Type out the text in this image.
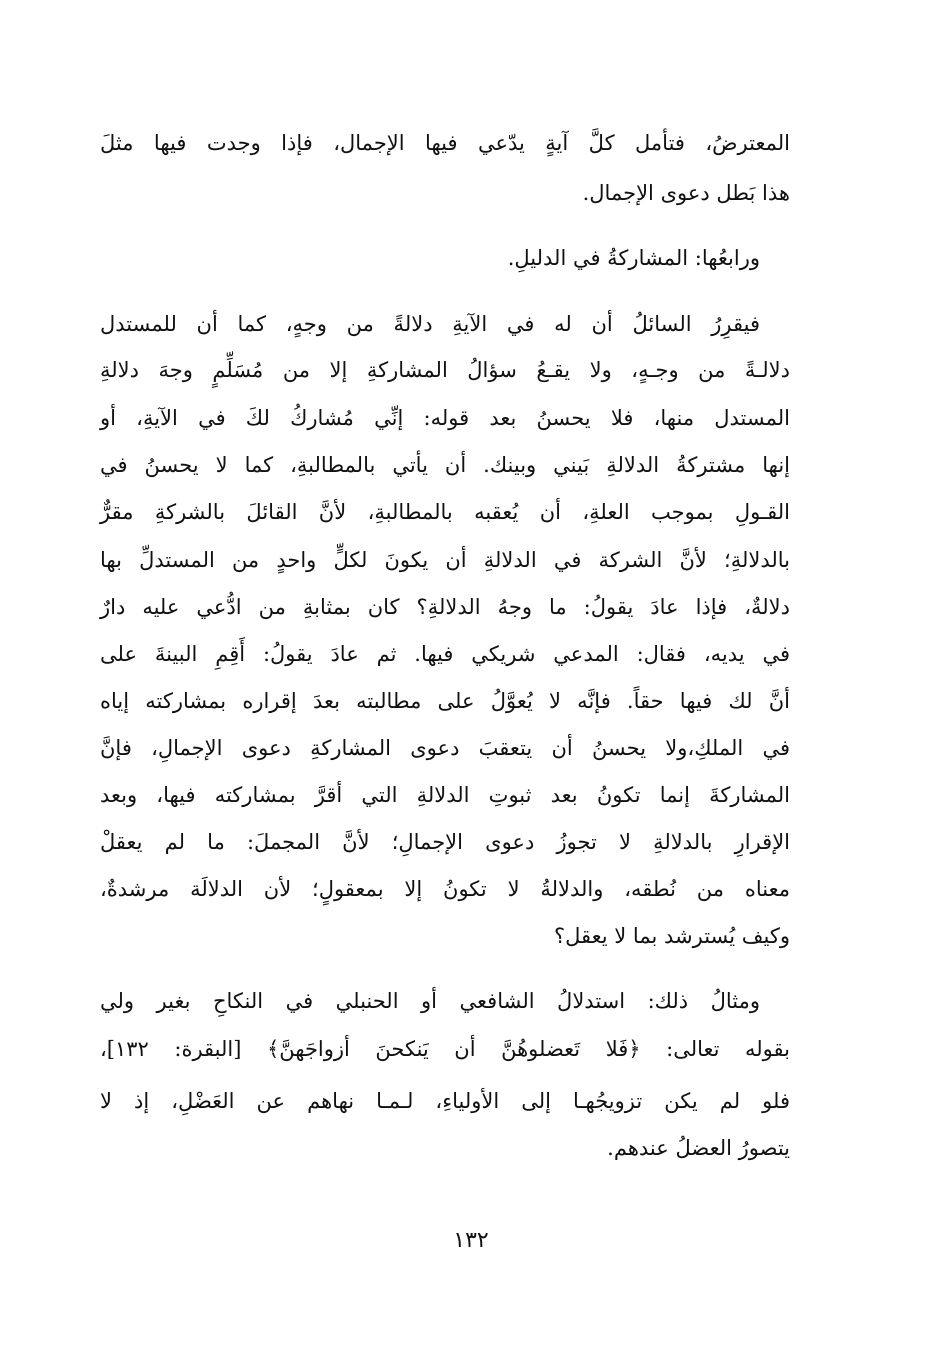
المعترضُ، فتأمل كلَّ آيةٍ يدّعي فيها الإجمال، فإذا وجدت فيها مثلَ
هذا بَطل دعوى الإجمال.
ورابعُها: المشاركةُ في الدليلِ.
فيقرِرُ السائلُ أن له في الآيةِ دلالةً من وجهٍ، كما أن للمستدل
دلالـةً من وجـهٍ، ولا يقـعُ سؤالُ المشاركةِ إلا من مُسَلِّمٍ وجهَ دلالةِ
المستدل منها، فلا يحسنُ بعد قوله: إنِّي مُشاركُ لكَ في الآيةِ، أو
إنها مشتركةُ الدلالةِ بَيني وبينك. أن يأتي بالمطالبةِ، كما لا يحسنُ في
القـولِ بموجب العلةِ، أن يُعقبه بالمطالبةِ، لأنَّ القائلَ بالشركةِ مقرٌّ
بالدلالةِ؛ لأنَّ الشركة في الدلالةِ أن يكونَ لكلٍّ واحدٍ من المستدلِّ بها
دلالةٌ، فإذا عادَ يقولُ: ما وجهُ الدلالةِ؟ كان بمثابةِ من ادُّعي عليه دارٌ
في يديه، فقال: المدعي شريكي فيها. ثم عادَ يقولُ: أَقِمِ البينةَ على
أنَّ لك فيها حقاً. فإنَّه لا يُعوَّلُ على مطالبته بعدَ إقراره بمشاركته إياه
في الملكِ،ولا يحسنُ أن يتعقبَ دعوى المشاركةِ دعوى الإجمالِ، فإنَّ
المشاركةَ إنما تكونُ بعد ثبوتِ الدلالةِ التي أقرَّ بمشاركته فيها، وبعد
الإقرارِ بالدلالةِ لا تجوزُ دعوى الإجمالِ؛ لأنَّ المجملَ: ما لم يعقلْ
معناه من نُطقه، والدلالةُ لا تكونُ إلا بمعقولٍ؛ لأن الدلالَة مرشدةٌ،
وكيف يُسترشد بما لا يعقل؟
ومثالُ ذلك: استدلالُ الشافعي أو الحنبلي في النكاحِ بغير ولي
بقوله تعالى: ﴿فَلا تَعضلوهُنَّ أن يَنكحنَ أزواجَهنَّ﴾ [البقرة: ١٣٢]،
فلو لم يكن تزويجُهـا إلى الأولياءِ، لـمـا نهاهم عن العَضْلِ، إذ لا
يتصورُ العضلُ عندهم.
١٣٢
